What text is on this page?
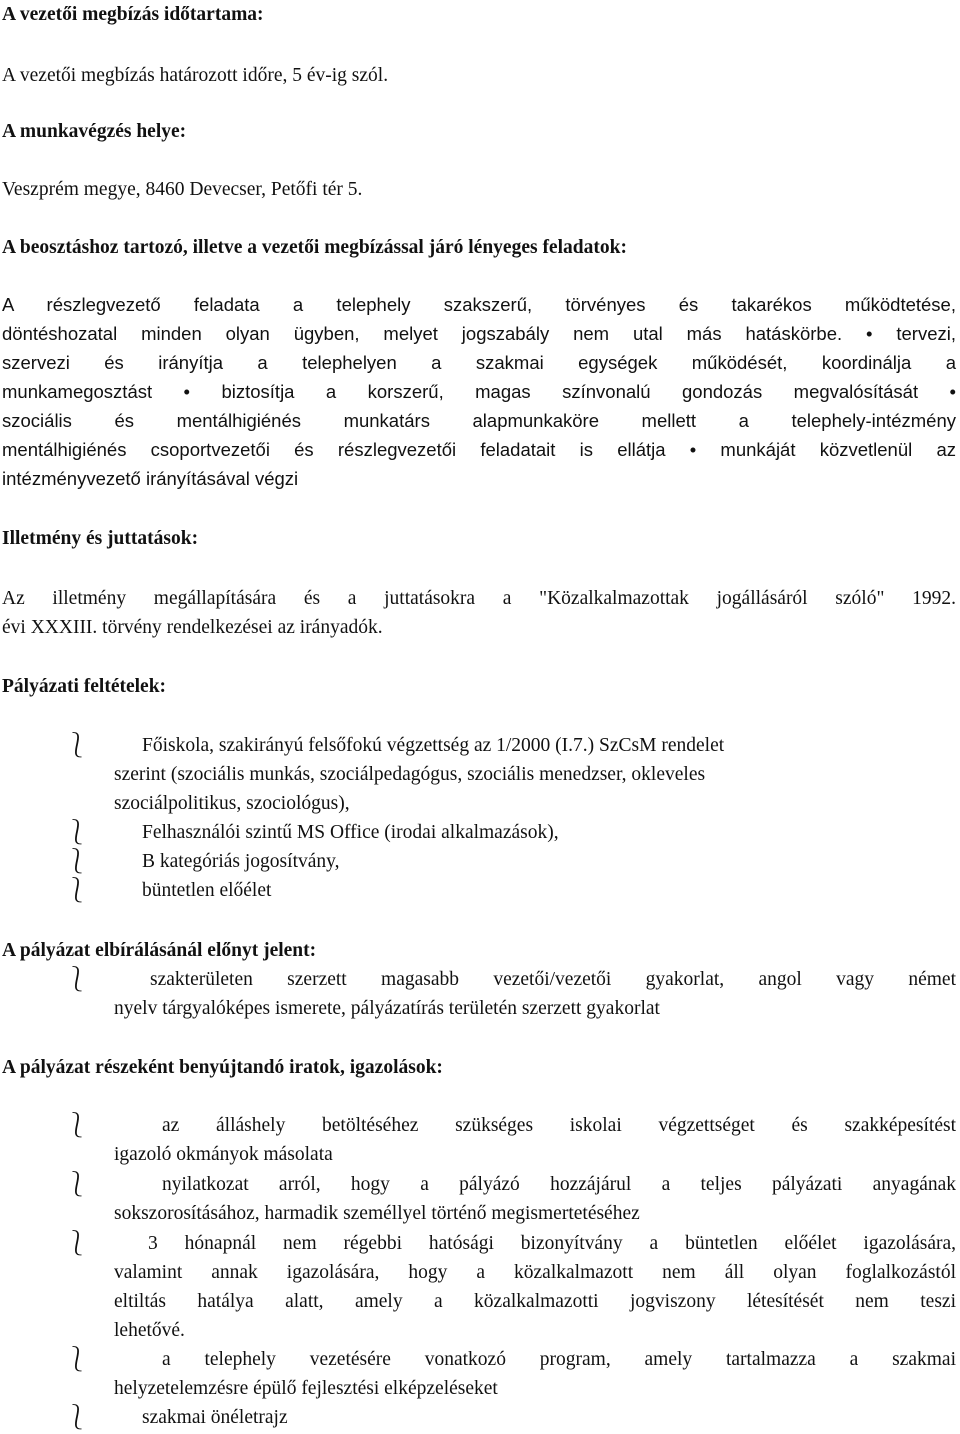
A vezetői megbízás időtartama:

A vezetői megbízás határozott időre, 5 év-ig szól.

A munkavégzés helye:

Veszprém megye, 8460 Devecser, Petőfi tér 5.

A beosztáshoz tartozó, illetve a vezetői megbízással járó lényeges feladatok:

A részlegvezető feladata a telephely szakszerű, törvényes és takarékos működtetése,

döntéshozatal minden olyan ügyben, melyet jogszabály nem utal más hatáskörbe. • tervezi,

szervezi és irányítja a telephelyen a szakmai egységek működését, koordinálja a

munkamegosztást • biztosítja a korszerű, magas színvonalú gondozás megvalósítását •

szociális és mentálhigiénés munkatárs alapmunkaköre mellett a telephely-intézmény

mentálhigiénés csoportvezetői és részlegvezetői feladatait is ellátja • munkáját közvetlenül az

intézményvezető irányításával végzi

Illetmény és juttatások:

Az illetmény megállapítására és a juttatásokra a "Közalkalmazottak jogállásáról szóló" 1992.

évi XXXIII. törvény rendelkezései az irányadók.

Pályázati feltételek:

⎱	Főiskola, szakirányú felsőfokú végzettség az 1/2000 (I.7.) SzCsM rendelet

szerint (szociális munkás, szociálpedagógus, szociális menedzser, okleveles

szociálpolitikus, szociológus),

⎱	Felhasználói szintű MS Office (irodai alkalmazások),

⎱	B kategóriás jogosítvány,

⎱	büntetlen előélet

A pályázat elbírálásánál előnyt jelent:

⎱	szakterületen szerzett magasabb vezetői/vezetői gyakorlat, angol vagy német

nyelv tárgyalóképes ismerete, pályázatírás területén szerzett gyakorlat

A pályázat részeként benyújtandó iratok, igazolások:

⎱	az álláshely betöltéséhez szükséges iskolai végzettséget és szakképesítést

igazoló okmányok másolata

⎱	nyilatkozat arról, hogy a pályázó hozzájárul a teljes pályázati anyagának

sokszorosításához, harmadik személlyel történő megismertetéséhez

⎱	3 hónapnál nem régebbi hatósági bizonyítvány a büntetlen előélet igazolására,

valamint annak igazolására, hogy a közalkalmazott nem áll olyan foglalkozástól

eltiltás hatálya alatt, amely a közalkalmazotti jogviszony létesítését nem teszi

lehetővé.

⎱	a telephely vezetésére vonatkozó program, amely tartalmazza a szakmai

helyzetelemzésre épülő fejlesztési elképzeléseket

⎱	szakmai önéletrajz
